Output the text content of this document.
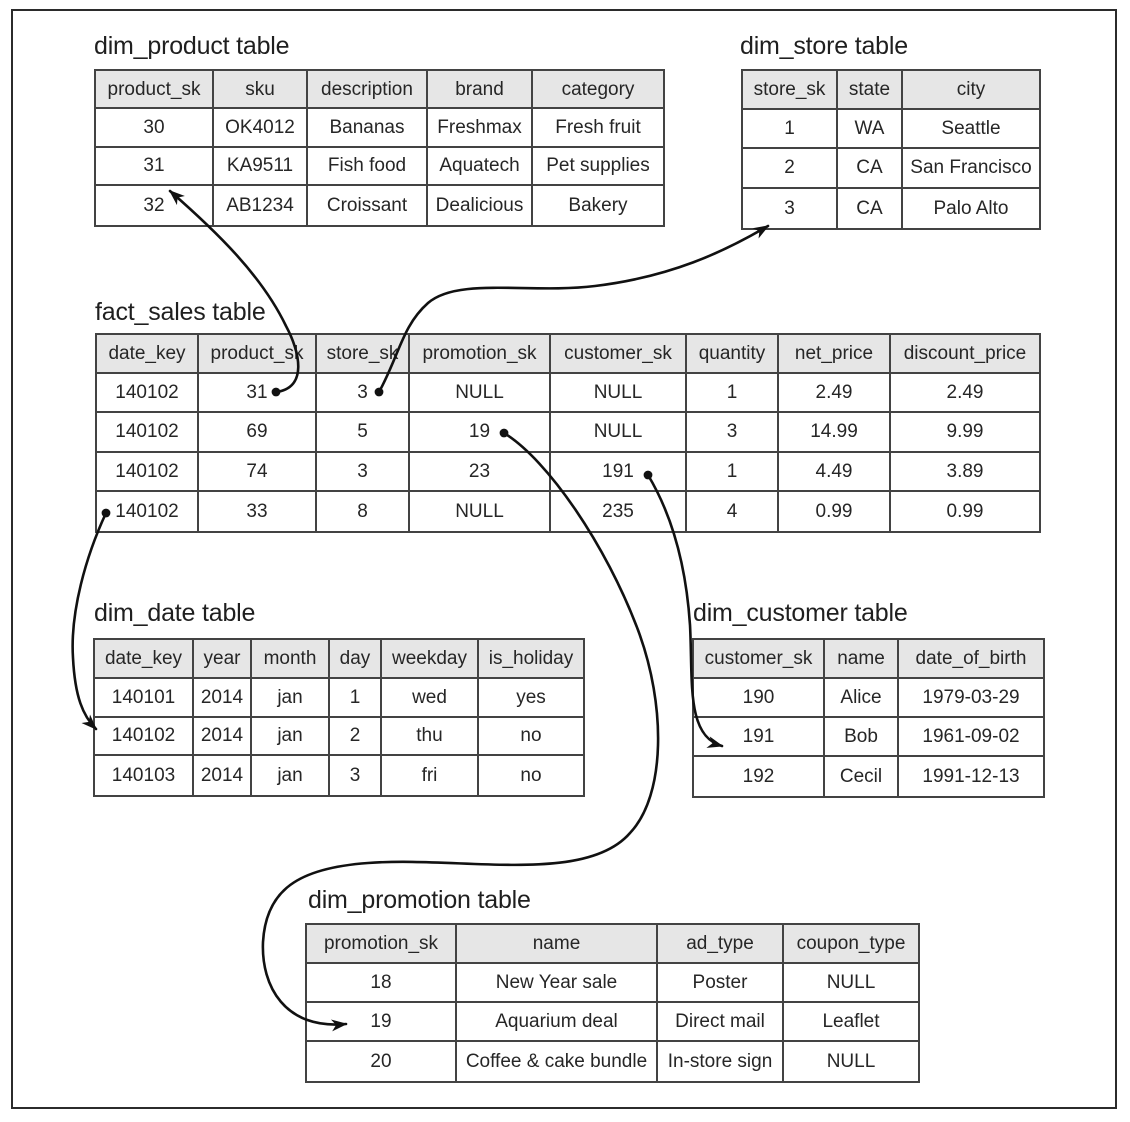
dim_product table
product_sk	sku	description	brand	category
30	OK4012	Bananas	Freshmax	Fresh fruit
31	KA9511	Fish food	Aquatech	Pet supplies
32	AB1234	Croissant	Dealicious	Bakery
dim_store table
store_sk	state	city
1	WA	Seattle
2	CA	San Francisco
3	CA	Palo Alto
fact_sales table
date_key	product_sk	store_sk	promotion_sk	customer_sk	quantity	net_price	discount_price
140102	31	3	NULL	NULL	1	2.49	2.49
140102	69	5	19	NULL	3	14.99	9.99
140102	74	3	23	191	1	4.49	3.89
140102	33	8	NULL	235	4	0.99	0.99
dim_date table
date_key	year	month	day	weekday	is_holiday
140101	2014	jan	1	wed	yes
140102	2014	jan	2	thu	no
140103	2014	jan	3	fri	no
dim_customer table
customer_sk	name	date_of_birth
190	Alice	1979-03-29
191	Bob	1961-09-02
192	Cecil	1991-12-13
dim_promotion table
promotion_sk	name	ad_type	coupon_type
18	New Year sale	Poster	NULL
19	Aquarium deal	Direct mail	Leaflet
20	Coffee & cake bundle	In-store sign	NULL
